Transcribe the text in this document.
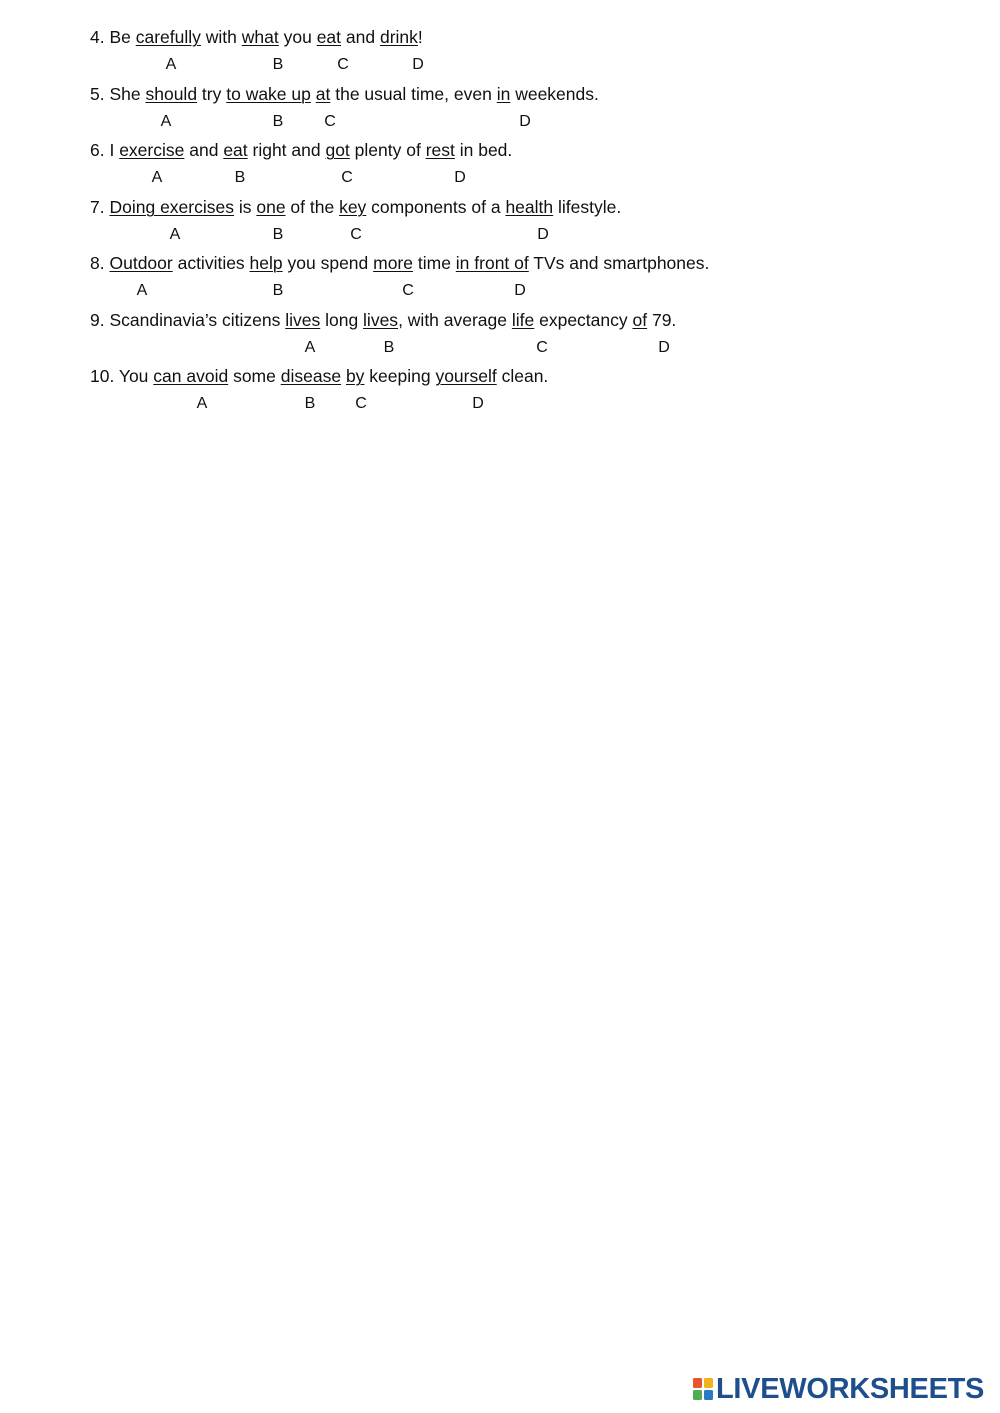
4. Be carefully with what you eat and drink!
5. She should try to wake up at the usual time, even in weekends.
6. I exercise and eat right and got plenty of rest in bed.
7. Doing exercises is one of the key components of a health lifestyle.
8. Outdoor activities help you spend more time in front of TVs and smartphones.
9. Scandinavia’s citizens lives long lives, with average life expectancy of 79.
10. You can avoid some disease by keeping yourself clean.
A	B	C	D
A	B	C	D
A	B	C	D
A	B	C	D
A	B	C	D
A	B	C	D
A	B C	D
LIVEWORKSHEETS
